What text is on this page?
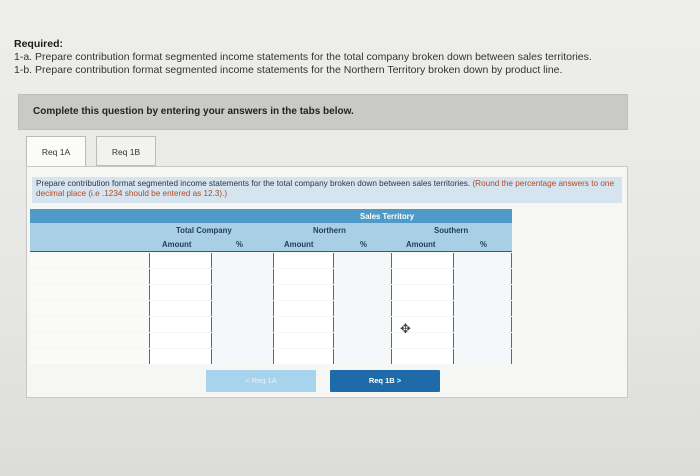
Required:
1-a. Prepare contribution format segmented income statements for the total company broken down between sales territories.
1-b. Prepare contribution format segmented income statements for the Northern Territory broken down by product line.
Complete this question by entering your answers in the tabs below.
Req 1A	Req 1B
Prepare contribution format segmented income statements for the total company broken down between sales territories. (Round the percentage answers to one decimal place (i.e .1234 should be entered as 12.3).)
Sales Territory
Total Company	Northern	Southern
Amount	%	Amount	%	Amount	%
< Req 1A	Req 1B >
✥
